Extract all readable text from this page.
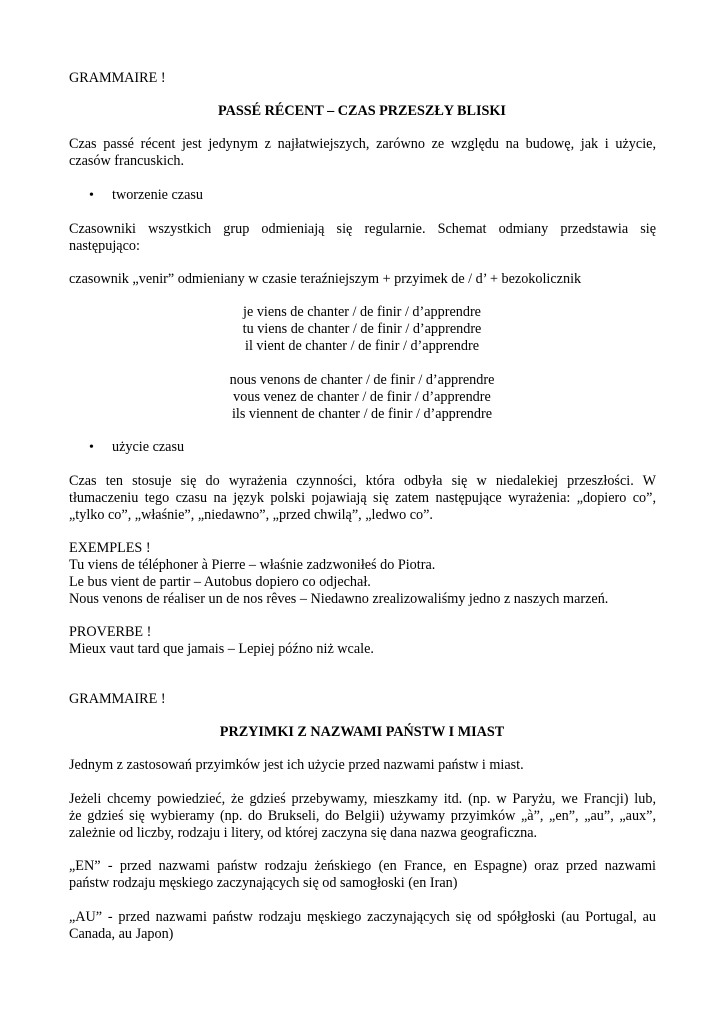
GRAMMAIRE !
PASSÉ RÉCENT – CZAS PRZESZŁY BLISKI
Czas passé récent jest jedynym z najłatwiejszych, zarówno ze względu na budowę, jak i użycie,
czasów francuskich.
• tworzenie czasu
Czasowniki wszystkich grup odmieniają się regularnie. Schemat odmiany przedstawia się
następująco:
czasownik „venir” odmieniany w czasie teraźniejszym + przyimek de / d’ + bezokolicznik
je viens de chanter / de finir / d’apprendre
tu viens de chanter / de finir / d’apprendre
il vient de chanter / de finir / d’apprendre
nous venons de chanter / de finir / d’apprendre
vous venez de chanter / de finir / d’apprendre
ils viennent de chanter / de finir / d’apprendre
• użycie czasu
Czas ten stosuje się do wyrażenia czynności, która odbyła się w niedalekiej przeszłości. W
tłumaczeniu tego czasu na język polski pojawiają się zatem następujące wyrażenia: „dopiero co”,
„tylko co”, „właśnie”, „niedawno”, „przed chwilą”, „ledwo co”.
EXEMPLES !
Tu viens de téléphoner à Pierre – właśnie zadzwoniłeś do Piotra.
Le bus vient de partir – Autobus dopiero co odjechał.
Nous venons de réaliser un de nos rêves – Niedawno zrealizowaliśmy jedno z naszych marzeń.
PROVERBE !
Mieux vaut tard que jamais – Lepiej późno niż wcale.
GRAMMAIRE !
PRZYIMKI Z NAZWAMI PAŃSTW I MIAST
Jednym z zastosowań przyimków jest ich użycie przed nazwami państw i miast.
Jeżeli chcemy powiedzieć, że gdzieś przebywamy, mieszkamy itd. (np. w Paryżu, we Francji) lub,
że gdzieś się wybieramy (np. do Brukseli, do Belgii) używamy przyimków „à”, „en”, „au”, „aux”,
zależnie od liczby, rodzaju i litery, od której zaczyna się dana nazwa geograficzna.
„EN” - przed nazwami państw rodzaju żeńskiego (en France, en Espagne) oraz przed nazwami
państw rodzaju męskiego zaczynających się od samogłoski (en Iran)
„AU” - przed nazwami państw rodzaju męskiego zaczynających się od spółgłoski (au Portugal, au
Canada, au Japon)
